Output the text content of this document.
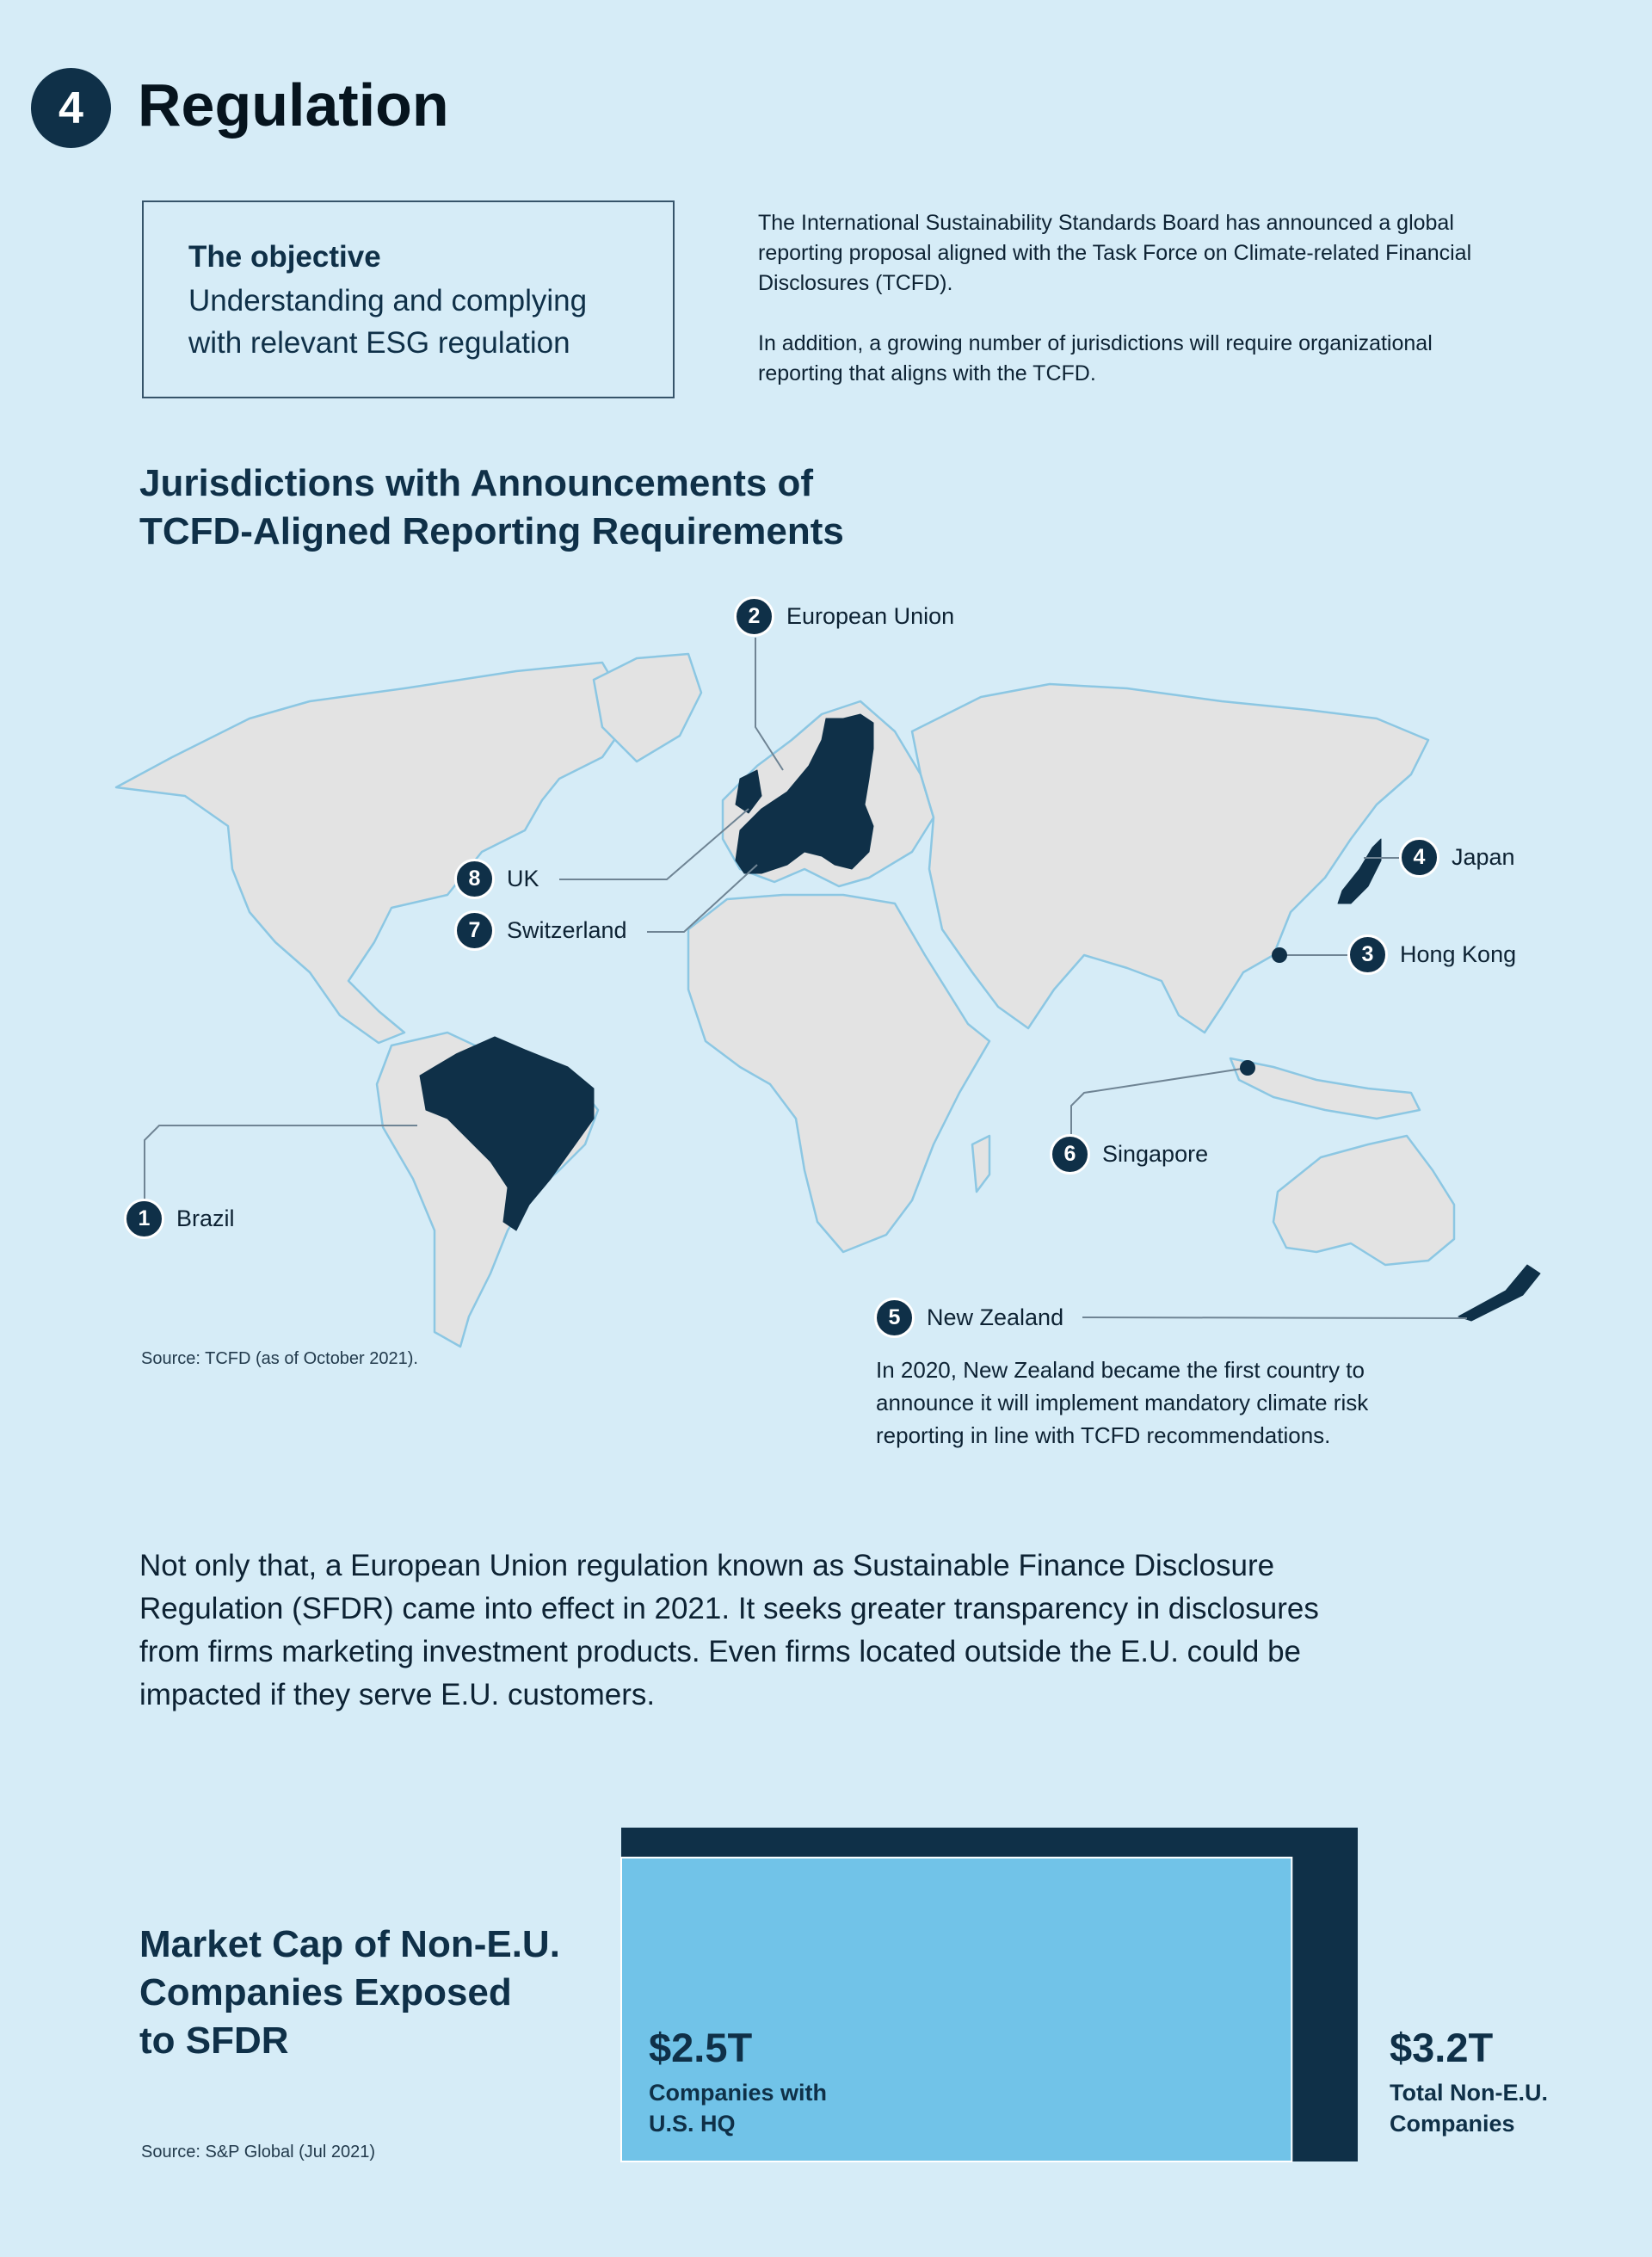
4 Regulation
The objective
Understanding and complying
with relevant ESG regulation

The International Sustainability Standards Board has announced a global reporting proposal aligned with the Task Force on Climate-related Financial Disclosures (TCFD).

In addition, a growing number of jurisdictions will require organizational reporting that aligns with the TCFD.

Jurisdictions with Announcements of
TCFD-Aligned Reporting Requirements
2	European Union
8	UK
7	Switzerland
4	Japan
3	Hong Kong
6	Singapore
1	Brazil
5	New Zealand
Source: TCFD (as of October 2021).	In 2020, New Zealand became the first country to announce it will implement mandatory climate risk reporting in line with TCFD recommendations.
Not only that, a European Union regulation known as Sustainable Finance Disclosure Regulation (SFDR) came into effect in 2021. It seeks greater transparency in disclosures from firms marketing investment products. Even firms located outside the E.U. could be impacted if they serve E.U. customers.
Market Cap of Non-E.U.
Companies Exposed
to SFDR
Source: S&P Global (Jul 2021)
$3.2T
Total Non-E.U.
Companies
$2.5T
Companies with
U.S. HQ
